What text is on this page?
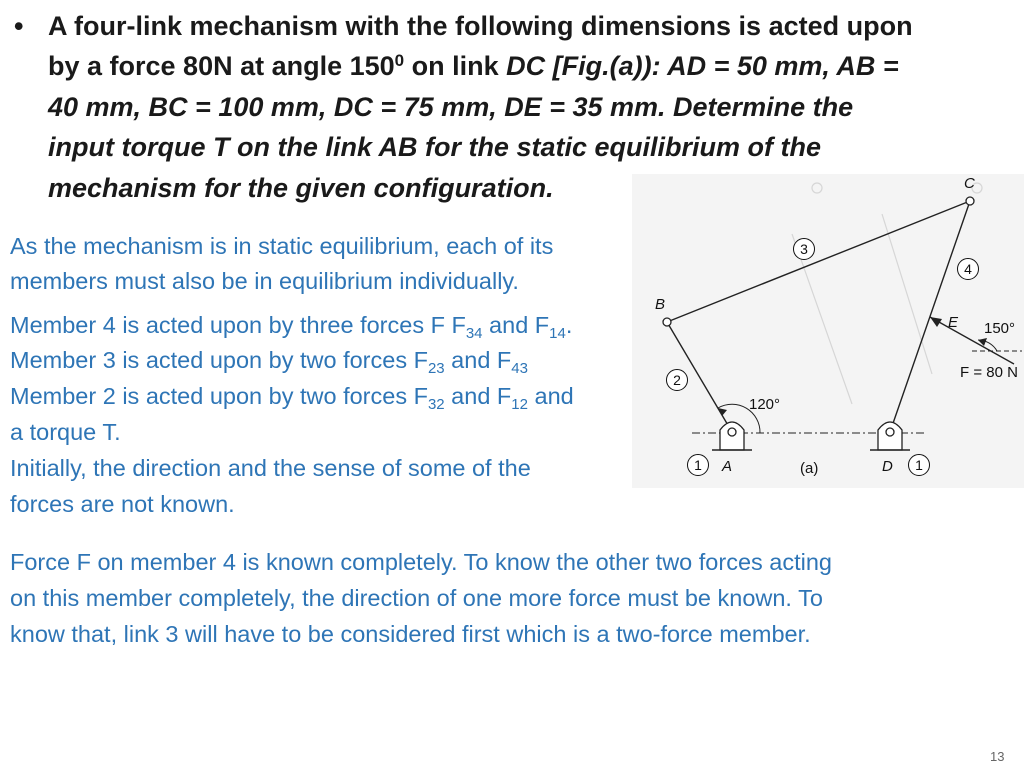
• A four-link mechanism with the following dimensions is acted upon
by a force 80N at angle $150^0$ on link DC [Fig.(a)): AD = 50 mm, AB =
40 mm, BC = 100 mm, DC = 75 mm, DE = 35 mm. Determine the
input torque T on the link AB for the static equilibrium of the
mechanism for the given configuration.	C
B
E
A	D
150°
120°
F = 80 N
(a)
1	1
2
3
4
As the mechanism is in static equilibrium, each of its
members must also be in equilibrium individually.
Member 4 is acted upon by three forces F $F_{34}$ and $F_{14}$.
Member 3 is acted upon by two forces $F_{23}$ and $F_{43}$
Member 2 is acted upon by two forces $F_{32}$ and $F_{12}$ and
a torque T.
Initially, the direction and the sense of some of the
forces are not known.
Force F on member 4 is known completely. To know the other two forces acting
on this member completely, the direction of one more force must be known. To
know that, link 3 will have to be considered first which is a two-force member.
13
